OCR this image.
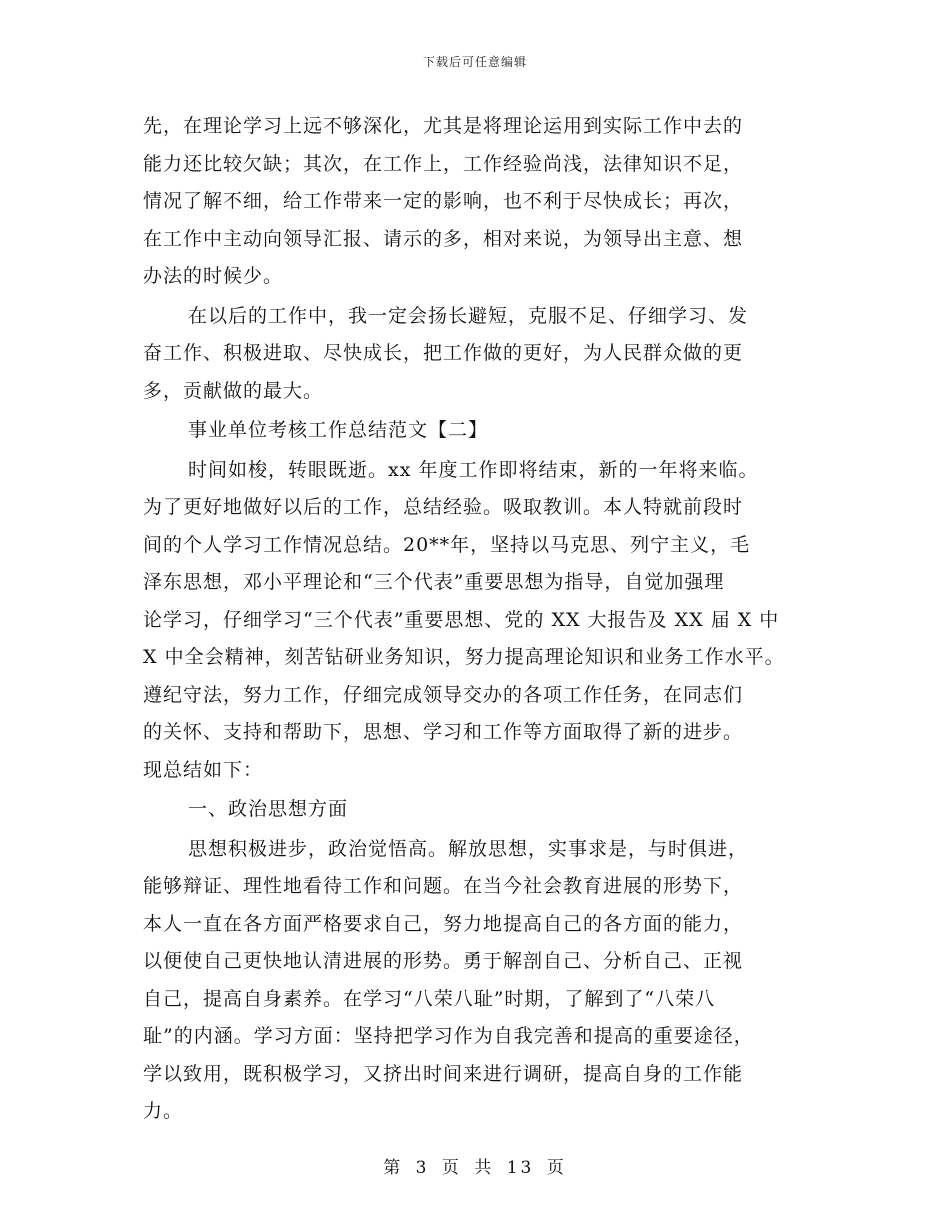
下载后可任意编辑
先，在理论学习上远不够深化，尤其是将理论运用到实际工作中去的
能力还比较欠缺；其次，在工作上，工作经验尚浅，法律知识不足，
情况了解不细，给工作带来一定的影响，也不利于尽快成长；再次，
在工作中主动向领导汇报、请示的多，相对来说，为领导出主意、想
办法的时候少。
在以后的工作中，我一定会扬长避短，克服不足、仔细学习、发
奋工作、积极进取、尽快成长，把工作做的更好，为人民群众做的更
多，贡献做的最大。
事业单位考核工作总结范文【二】
时间如梭，转眼既逝。xx 年度工作即将结束，新的一年将来临。
为了更好地做好以后的工作，总结经验。吸取教训。本人特就前段时
间的个人学习工作情况总结。20**年，坚持以马克思、列宁主义，毛
泽东思想，邓小平理论和“三个代表”重要思想为指导，自觉加强理
论学习，仔细学习“三个代表”重要思想、党的 XX 大报告及 XX 届 X 中
X 中全会精神，刻苦钻研业务知识，努力提高理论知识和业务工作水平。
遵纪守法，努力工作，仔细完成领导交办的各项工作任务，在同志们
的关怀、支持和帮助下，思想、学习和工作等方面取得了新的进步。
现总结如下：
一、政治思想方面
思想积极进步，政治觉悟高。解放思想，实事求是，与时俱进，
能够辩证、理性地看待工作和问题。在当今社会教育进展的形势下，
本人一直在各方面严格要求自己，努力地提高自己的各方面的能力，
以便使自己更快地认清进展的形势。勇于解剖自己、分析自己、正视
自己，提高自身素养。在学习“八荣八耻”时期，了解到了“八荣八
耻”的内涵。学习方面：坚持把学习作为自我完善和提高的重要途径，
学以致用，既积极学习，又挤出时间来进行调研，提高自身的工作能
力。
第 3 页 共 13 页
